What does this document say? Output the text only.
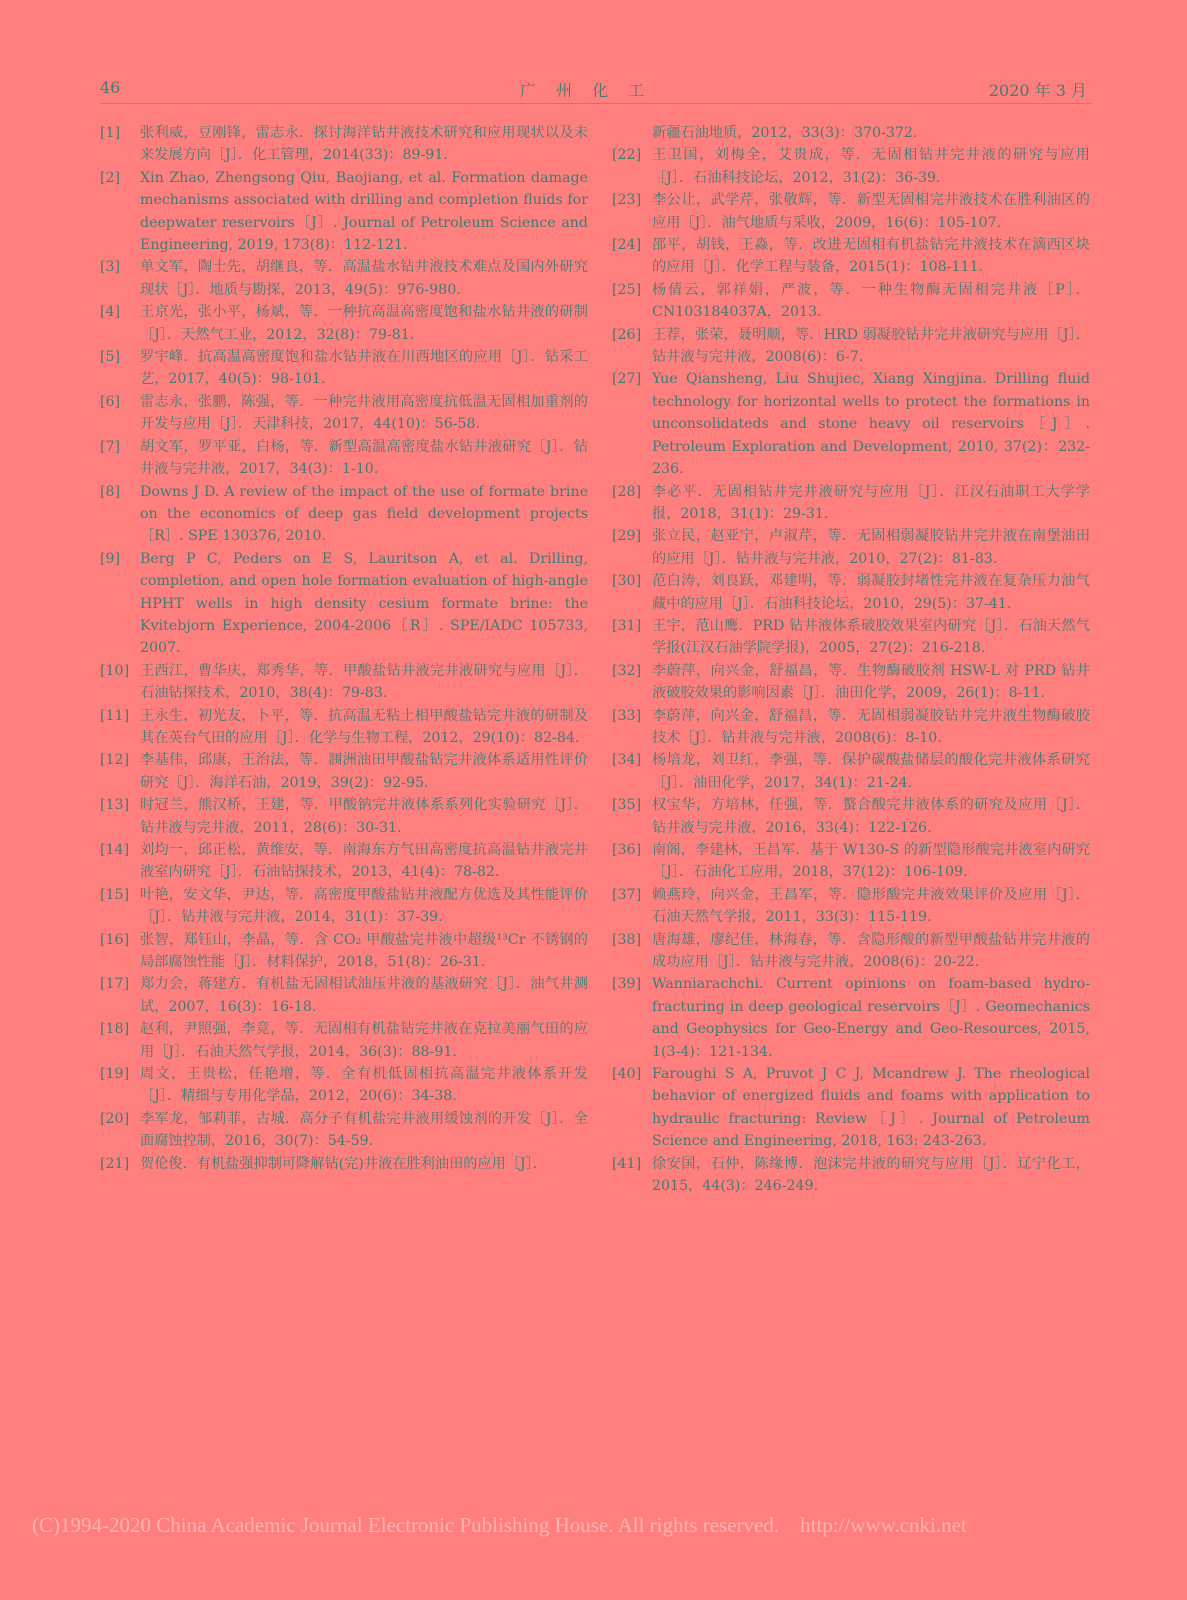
46	广州化工	2020 年 3 月
[1]	张利威，豆刚锋，雷志永．探讨海洋钻井液技术研究和应用现状以及未来发展方向［J］．化工管理，2014(33)：89-91.
[2]	Xin Zhao, Zhengsong Qiu, Baojiang, et al. Formation damage mechanisms associated with drilling and completion fluids for deepwater reservoirs［J］. Journal of Petroleum Science and Engineering, 2019, 173(8)：112-121.
[3]	单文军，陶士先，胡继良，等．高温盐水钻井液技术难点及国内外研究现状［J］．地质与勘探，2013，49(5)：976-980.
[4]	王京光，张小平，杨斌，等．一种抗高温高密度饱和盐水钻井液的研制［J］．天然气工业，2012，32(8)：79-81.
[5]	罗宇峰．抗高温高密度饱和盐水钻井液在川西地区的应用［J］．钻采工艺，2017，40(5)：98-101.
[6]	雷志永，张鹏，陈强，等．一种完井液用高密度抗低温无固相加重剂的开发与应用［J］．天津科技，2017，44(10)：56-58.
[7]	胡文军，罗平亚，白杨，等．新型高温高密度盐水钻井液研究［J］．钻井液与完井液，2017，34(3)：1-10.
[8]	Downs J D. A review of the impact of the use of formate brine on the economics of deep gas field development projects［R］. SPE 130376, 2010.
[9]	Berg P C, Peders on E S, Lauritson A, et al. Drilling, completion, and open hole formation evaluation of high-angle HPHT wells in high density cesium formate brine: the Kvitebjorn Experience, 2004-2006［R］. SPE/IADC 105733, 2007.
[10] 王西江，曹华庆，郑秀华，等．甲酸盐钻井液完井液研究与应用［J］．石油钻探技术，2010，38(4)：79-83.
[11] 王永生，初光友，卜平，等．抗高温无粘土相甲酸盐钻完井液的研制及其在英台气田的应用［J］．化学与生物工程，2012，29(10)：82-84.
[12] 李基伟，邱康，王治法，等．涠洲油田甲酸盐钻完井液体系适用性评价研究［J］．海洋石油，2019，39(2)：92-95.
[13] 时冠兰，熊汉桥，王建，等．甲酸钠完井液体系系列化实验研究［J］．钻井液与完井液，2011，28(6)：30-31.
[14] 刘均一，邱正松，黄维安，等．南海东方气田高密度抗高温钻井液完井液室内研究［J］．石油钻探技术，2013，41(4)：78-82.
[15] 叶艳，安文华，尹达，等．高密度甲酸盐钻井液配方优选及其性能评价［J］．钻井液与完井液，2014，31(1)：37-39.
[16] 张智，郑钰山，李晶，等．含 CO₂ 甲酸盐完井液中超级¹³Cr 不锈钢的局部腐蚀性能［J］．材料保护，2018，51(8)：26-31.
[17] 郑力会，蒋建方．有机盐无固相试油压井液的基液研究［J］．油气井测试，2007，16(3)：16-18.
[18] 赵利，尹照强，李竞，等．无固相有机盐钻完井液在克拉美丽气田的应用［J］．石油天然气学报，2014，36(3)：88-91.
[19] 周文，王贵松，任艳增，等．全有机低固相抗高温完井液体系开发［J］．精细与专用化学品，2012，20(6)：34-38.
[20] 李军龙，邹莉菲，古城．高分子有机盐完井液用缓蚀剂的开发［J］．全面腐蚀控制，2016，30(7)：54-59.
[21] 贺伦俊．有机盐强抑制可降解钻(完)井液在胜利油田的应用［J］．
新疆石油地质，2012，33(3)：370-372.
[22] 王卫国，刘梅全，艾贵成，等．无固相钻井完井液的研究与应用［J］．石油科技论坛，2012，31(2)：36-39.
[23] 李公让，武学芹，张敬辉，等．新型无固相完井液技术在胜利油区的应用［J］．油气地质与采收，2009，16(6)：105-107.
[24] 邵平，胡钱，王淼，等．改进无固相有机盐钻完井液技术在滴西区块的应用［J］．化学工程与装备，2015(1)：108-111.
[25] 杨倩云，郭祥娟，严波，等．一种生物酶无固相完井液［P］．CN103184037A，2013.
[26] 王荐，张荣，聂明顺，等．HRD 弱凝胶钻井完井液研究与应用［J］．钻井液与完井液，2008(6)：6-7.
[27] Yue Qiansheng, Liu Shujiec, Xiang Xingjina. Drilling fluid technology for horizontal wells to protect the formations in unconsolidateds and stone heavy oil reservoirs［J］. Petroleum Exploration and Development, 2010, 37(2)：232-236.
[28] 李必平．无固相钻井完井液研究与应用［J］．江汉石油职工大学学报，2018，31(1)：29-31.
[29] 张立民，赵亚宁，卢淑芹，等．无固相弱凝胶钻井完井液在南堡油田的应用［J］．钻井液与完井液，2010，27(2)：81-83.
[30] 范白涛，刘良跃，邓建明，等．弱凝胶封堵性完井液在复杂压力油气藏中的应用［J］．石油科技论坛，2010，29(5)：37-41.
[31] 王宇，范山鹰．PRD 钻井液体系破胶效果室内研究［J］．石油天然气学报(江汉石油学院学报)，2005，27(2)：216-218.
[32] 李蔚萍，向兴金，舒福昌，等．生物酶破胶剂 HSW-L 对 PRD 钻井液破胶效果的影响因素［J］．油田化学，2009，26(1)：8-11.
[33] 李蔚萍，向兴金，舒福昌，等．无固相弱凝胶钻井完井液生物酶破胶技术［J］．钻井液与完井液，2008(6)：8-10.
[34] 杨培龙，刘卫红，李强，等．保护碳酸盐储层的酸化完井液体系研究［J］．油田化学，2017，34(1)：21-24.
[35] 权宝华，方培林，任强，等．螯合酸完井液体系的研究及应用［J］．钻井液与完井液，2016，33(4)：122-126.
[36] 南阁，李建林，王昌军．基于 W130-S 的新型隐形酸完井液室内研究［J］．石油化工应用，2018，37(12)：106-109.
[37] 赖燕玲，向兴金，王昌军，等．隐形酸完井液效果评价及应用［J］．石油天然气学报，2011，33(3)：115-119.
[38] 唐海雄，廖纪佳，林海春，等．含隐形酸的新型甲酸盐钻井完井液的成功应用［J］．钻井液与完井液，2008(6)：20-22.
[39] Wanniarachchi. Current opinions on foam-based hydro-fracturing in deep geological reservoirs［J］. Geomechanics and Geophysics for Geo-Energy and Geo-Resources, 2015, 1(3-4)：121-134.
[40] Faroughi S A, Pruvot J C J, Mcandrew J. The rheological behavior of energized fluids and foams with application to hydraulic fracturing: Review［J］. Journal of Petroleum Science and Engineering, 2018, 163: 243-263.
[41] 徐安国，石仲，陈缘博．泡沫完井液的研究与应用［J］．辽宁化工，2015，44(3)：246-249.
(C)1994-2020 China Academic Journal Electronic Publishing House. All rights reserved.    http://www.cnki.net
